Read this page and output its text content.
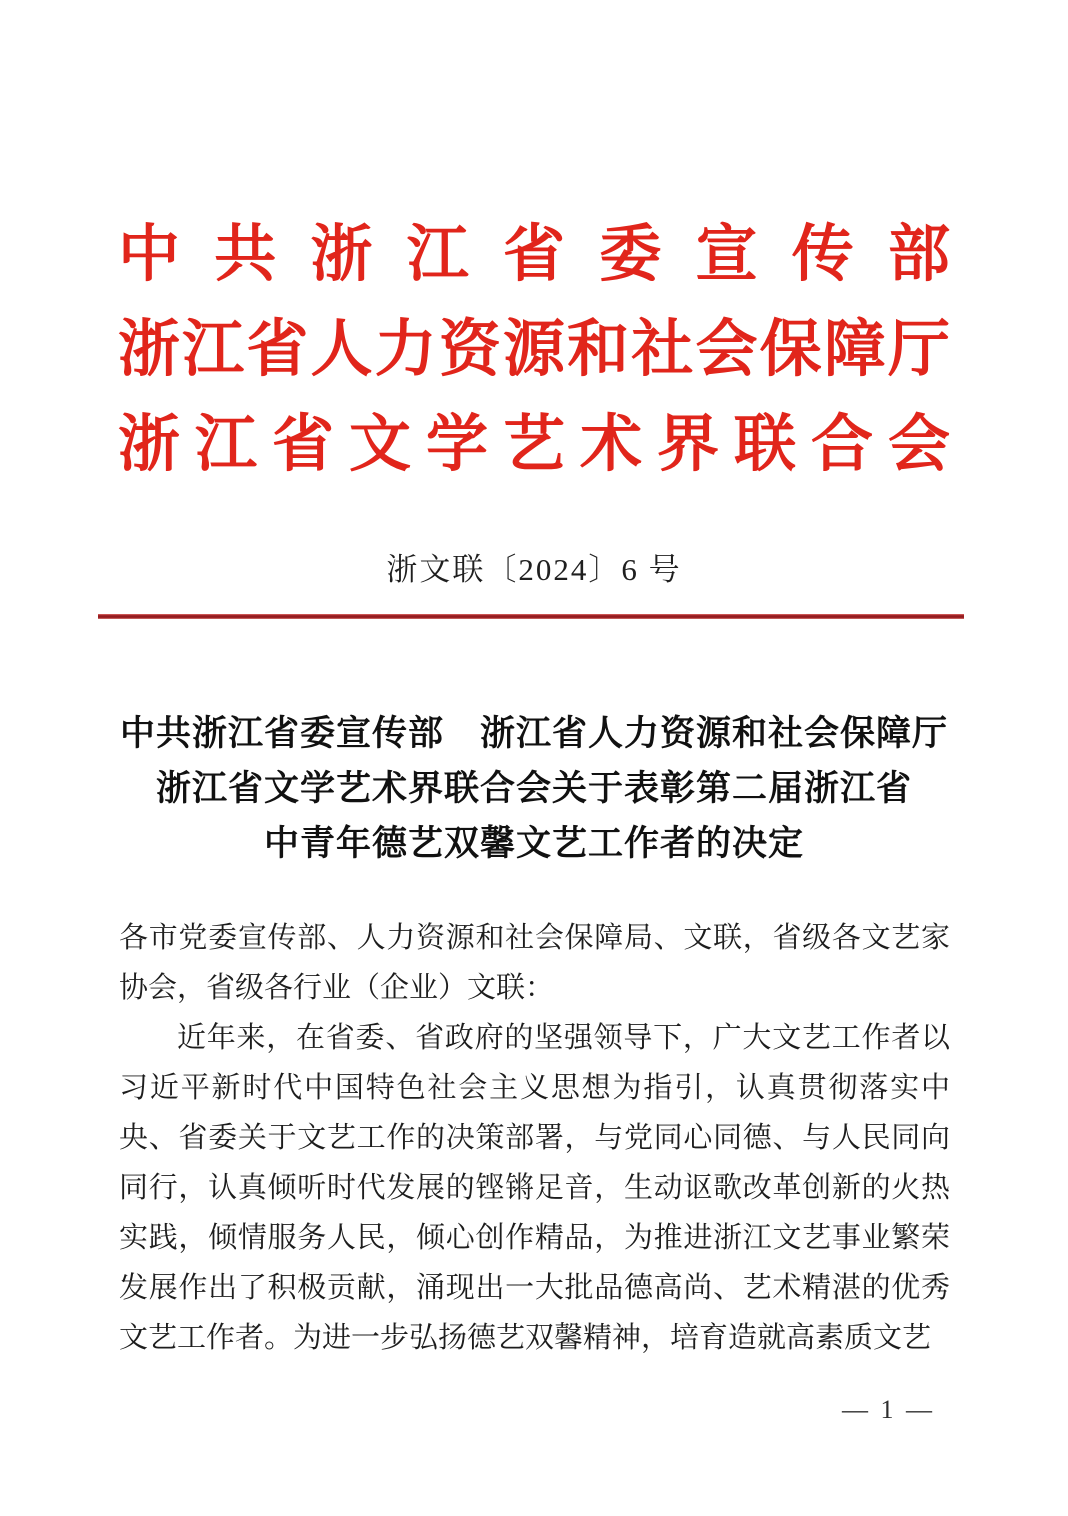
中共浙江省委宣传部
浙江省人力资源和社会保障厅
浙江省文学艺术界联合会
浙文联〔2024〕6 号
中共浙江省委宣传部　浙江省人力资源和社会保障厅
浙江省文学艺术界联合会关于表彰第二届浙江省
中青年德艺双馨文艺工作者的决定

各市党委宣传部、人力资源和社会保障局、文联，省级各文艺家协会，省级各行业（企业）文联：

近年来，在省委、省政府的坚强领导下，广大文艺工作者以习近平新时代中国特色社会主义思想为指引，认真贯彻落实中央、省委关于文艺工作的决策部署，与党同心同德、与人民同向同行，认真倾听时代发展的铿锵足音，生动讴歌改革创新的火热实践，倾情服务人民，倾心创作精品，为推进浙江文艺事业繁荣发展作出了积极贡献，涌现出一大批品德高尚、艺术精湛的优秀文艺工作者。为进一步弘扬德艺双馨精神，培育造就高素质文艺

— 1 —
